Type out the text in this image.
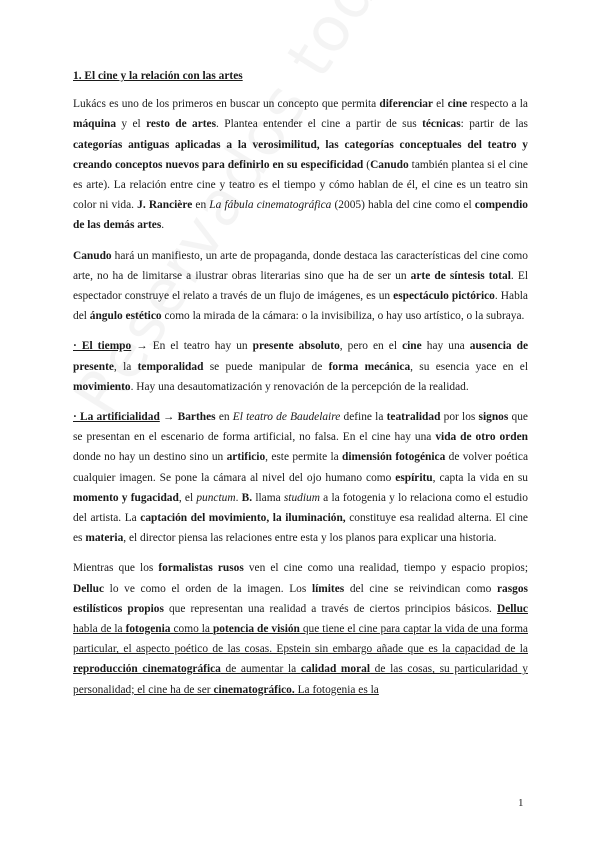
1. El cine y la relación con las artes

Lukács es uno de los primeros en buscar un concepto que permita diferenciar el cine respecto a la máquina y el resto de artes. Plantea entender el cine a partir de sus técnicas: partir de las categorías antiguas aplicadas a la verosimilitud, las categorías conceptuales del teatro y creando conceptos nuevos para definirlo en su especificidad (Canudo también plantea si el cine es arte). La relación entre cine y teatro es el tiempo y cómo hablan de él, el cine es un teatro sin color ni vida. J. Rancière en La fábula cinematográfica (2005) habla del cine como el compendio de las demás artes.

Canudo hará un manifiesto, un arte de propaganda, donde destaca las características del cine como arte, no ha de limitarse a ilustrar obras literarias sino que ha de ser un arte de síntesis total. El espectador construye el relato a través de un flujo de imágenes, es un espectáculo pictórico. Habla del ángulo estético como la mirada de la cámara: o la invisibiliza, o hay uso artístico, o la subraya.

· El tiempo → En el teatro hay un presente absoluto, pero en el cine hay una ausencia de presente, la temporalidad se puede manipular de forma mecánica, su esencia yace en el movimiento. Hay una desautomatización y renovación de la percepción de la realidad.

· La artificialidad → Barthes en El teatro de Baudelaire define la teatralidad por los signos que se presentan en el escenario de forma artificial, no falsa. En el cine hay una vida de otro orden donde no hay un destino sino un artificio, este permite la dimensión fotogénica de volver poética cualquier imagen. Se pone la cámara al nivel del ojo humano como espíritu, capta la vida en su momento y fugacidad, el punctum. B. llama studium a la fotogenia y lo relaciona como el estudio del artista. La captación del movimiento, la iluminación, constituye esa realidad alterna. El cine es materia, el director piensa las relaciones entre esta y los planos para explicar una historia.

Mientras que los formalistas rusos ven el cine como una realidad, tiempo y espacio propios; Delluc lo ve como el orden de la imagen. Los límites del cine se reivindican como rasgos estilísticos propios que representan una realidad a través de ciertos principios básicos. Delluc habla de la fotogenia como la potencia de visión que tiene el cine para captar la vida de una forma particular, el aspecto poético de las cosas. Epstein sin embargo añade que es la capacidad de la reproducción cinematográfica de aumentar la calidad moral de las cosas, su particularidad y personalidad; el cine ha de ser cinematográfico. La fotogenia es la

1
